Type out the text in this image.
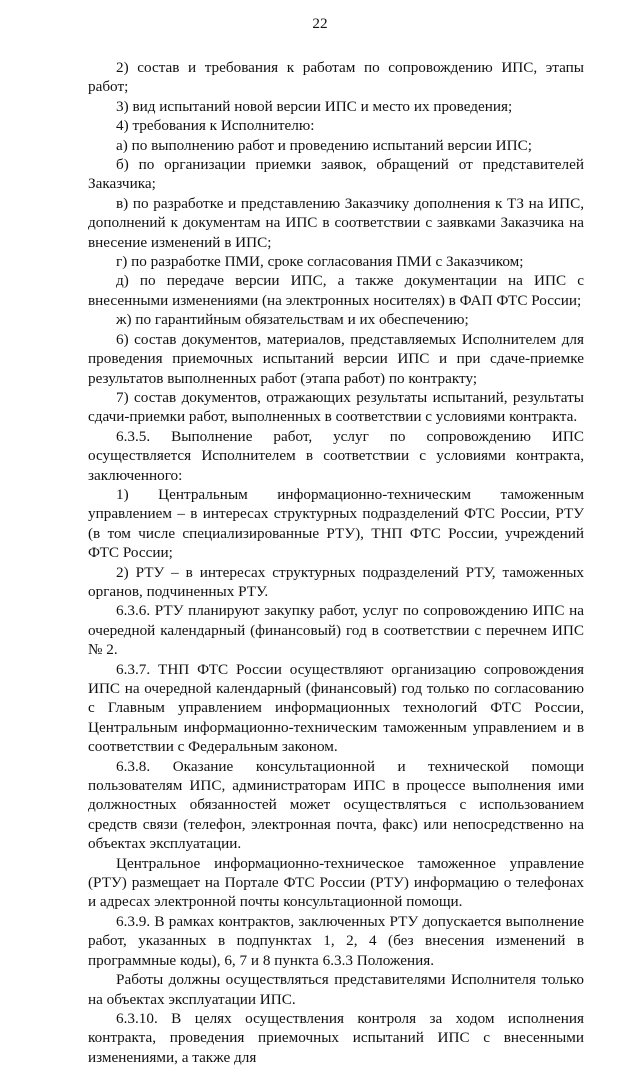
22

2) состав и требования к работам по сопровождению ИПС, этапы работ;

3) вид испытаний новой версии ИПС и место их проведения;

4) требования к Исполнителю:

а) по выполнению работ и проведению испытаний версии ИПС;

б) по организации приемки заявок, обращений от представителей Заказчика;

в) по разработке и представлению Заказчику дополнения к ТЗ на ИПС, дополнений к документам на ИПС в соответствии с заявками Заказчика на внесение изменений в ИПС;

г) по разработке ПМИ, сроке согласования ПМИ с Заказчиком;

д) по передаче версии ИПС, а также документации на ИПС с внесенными изменениями (на электронных носителях) в ФАП ФТС России;

ж) по гарантийным обязательствам и их обеспечению;

6) состав документов, материалов, представляемых Исполнителем для проведения приемочных испытаний версии ИПС и при сдаче-приемке результатов выполненных работ (этапа работ) по контракту;

7) состав документов, отражающих результаты испытаний, результаты сдачи-приемки работ, выполненных в соответствии с условиями контракта.

6.3.5. Выполнение работ, услуг по сопровождению ИПС осуществляется Исполнителем в соответствии с условиями контракта, заключенного:

1) Центральным информационно-техническим таможенным управлением – в интересах структурных подразделений ФТС России, РТУ (в том числе специализированные РТУ), ТНП ФТС России, учреждений ФТС России;

2) РТУ – в интересах структурных подразделений РТУ, таможенных органов, подчиненных РТУ.

6.3.6. РТУ планируют закупку работ, услуг по сопровождению ИПС на очередной календарный (финансовый) год в соответствии с перечнем ИПС № 2.

6.3.7. ТНП ФТС России осуществляют организацию сопровождения ИПС на очередной календарный (финансовый) год только по согласованию с Главным управлением информационных технологий ФТС России, Центральным информационно-техническим таможенным управлением и в соответствии с Федеральным законом.

6.3.8. Оказание консультационной и технической помощи пользователям ИПС, администраторам ИПС в процессе выполнения ими должностных обязанностей может осуществляться с использованием средств связи (телефон, электронная почта, факс) или непосредственно на объектах эксплуатации.

Центральное информационно-техническое таможенное управление (РТУ) размещает на Портале ФТС России (РТУ) информацию о телефонах и адресах электронной почты консультационной помощи.

6.3.9. В рамках контрактов, заключенных РТУ допускается выполнение работ, указанных в подпунктах 1, 2, 4 (без внесения изменений в программные коды), 6, 7 и 8 пункта 6.3.3 Положения.

Работы должны осуществляться представителями Исполнителя только на объектах эксплуатации ИПС.

6.3.10. В целях осуществления контроля за ходом исполнения контракта, проведения приемочных испытаний ИПС с внесенными изменениями, а также для
